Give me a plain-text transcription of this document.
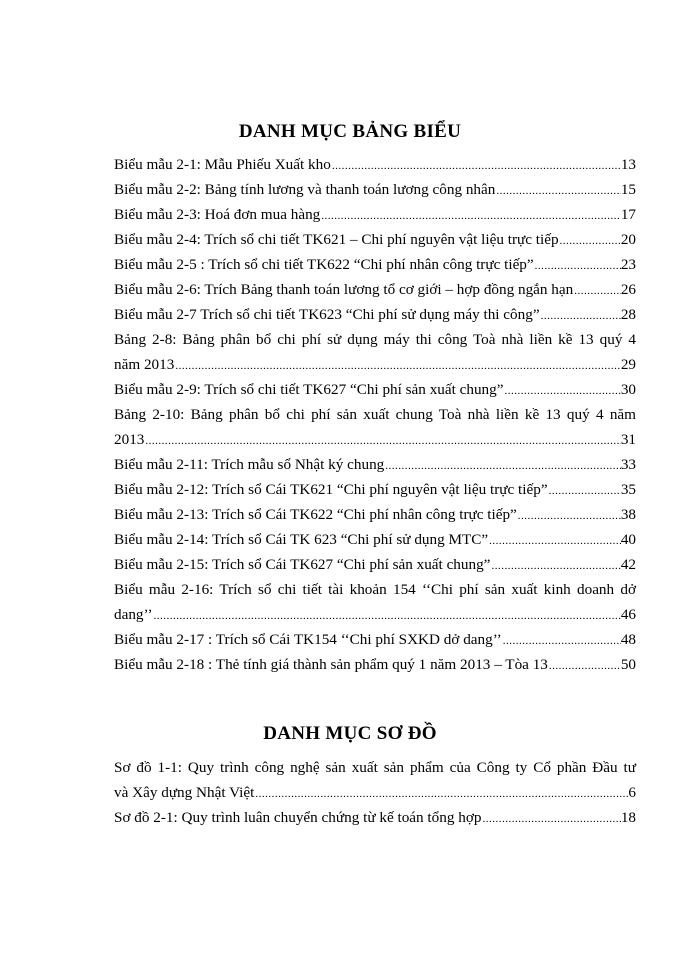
DANH MỤC BẢNG BIỂU
Biểu mẫu 2-1: Mẫu Phiếu Xuất kho .....	13
Biểu mẫu 2-2: Bảng tính lương và thanh toán lương công nhân .....	15
Biểu mẫu 2-3: Hoá đơn mua hàng .....	17
Biểu mẫu 2-4: Trích sổ chi tiết TK621 – Chi phí nguyên vật liệu trực tiếp .....	20
Biểu mẫu 2-5 : Trích sổ chi tiết TK622 “Chi phí nhân công trực tiếp” .....	23
Biểu mẫu 2-6: Trích Bảng thanh toán lương tổ cơ giới – hợp đồng ngắn hạn .....	26
Biểu mẫu 2-7 Trích sổ chi tiết TK623 “Chi phí sử dụng máy thi công” .....	28
Bảng 2-8: Bảng phân bổ chi phí sử dụng máy thi công Toà nhà liền kề 13 quý 4
năm 2013 .....	29
Biểu mẫu 2-9: Trích sổ chi tiết TK627 “Chi phí sản xuất chung” .....	30
Bảng 2-10: Bảng phân bổ chi phí sản xuất chung Toà nhà liền kề 13 quý 4 năm
2013 .....	31
Biểu mẫu 2-11: Trích mẫu sổ Nhật ký chung .....	33
Biểu mẫu 2-12: Trích sổ Cái TK621 “Chi phí nguyên vật liệu trực tiếp” .....	35
Biểu mẫu 2-13: Trích sổ Cái TK622 “Chi phí nhân công trực tiếp” .....	38
Biểu mẫu 2-14: Trích sổ Cái TK 623 “Chi phí sử dụng MTC” .....	40
Biểu mẫu 2-15: Trích sổ Cái TK627 “Chi phí sản xuất chung” .....	42
Biểu mẫu 2-16: Trích sổ chi tiết tài khoản 154 ‘‘Chi phí sản xuất kinh doanh dở
dang’’ .....	46
Biểu mẫu 2-17 : Trích sổ Cái TK154 ‘‘Chi phí SXKD dở dang’’ .....	48
Biểu mẫu 2-18 : Thẻ tính giá thành sản phẩm quý 1 năm 2013 – Tòa 13 .....	50
DANH MỤC SƠ ĐỒ
Sơ đồ 1-1: Quy trình công nghệ sản xuất sản phẩm của Công ty Cổ phần Đầu tư
và Xây dựng Nhật Việt .....	6
Sơ đồ 2-1: Quy trình luân chuyển chứng từ kế toán tổng hợp .....	18
